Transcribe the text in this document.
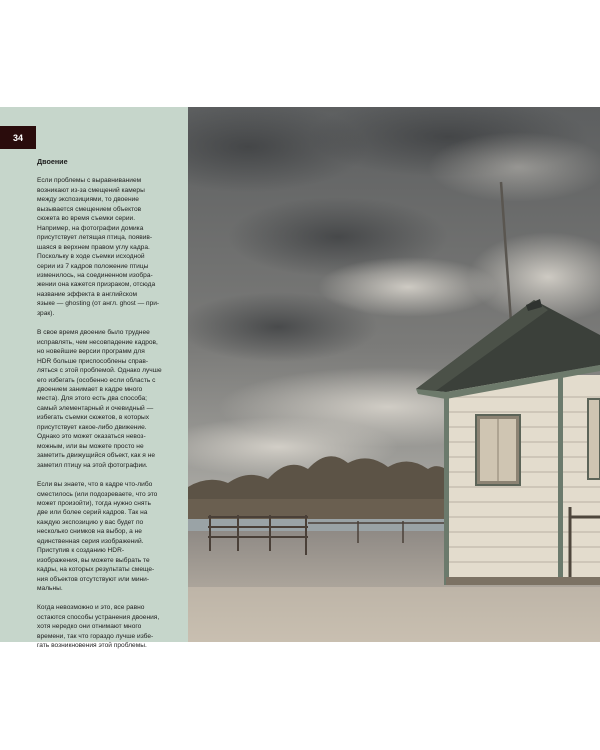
34
Двоение

Если проблемы с выравниванием
возникают из-за смещений камеры
между экспозициями, то двоение
вызывается смещением объектов
сюжета во время съемки серии.
Например, на фотографии домика
присутствует летящая птица, появив-
шаяся в верхнем правом углу кадра.
Поскольку в ходе съемки исходной
серии из 7 кадров положение птицы
изменилось, на соединенном изобра-
жении она кажется призраком, отсюда
название эффекта в английском
языке — ghosting (от англ. ghost — при-
зрак).

В свое время двоение было труднее
исправлять, чем несовпадение кадров,
но новейшие версии программ для
HDR больше приспособлены справ-
ляться с этой проблемой. Однако лучше
его избегать (особенно если область с
двоением занимает в кадре много
места). Для этого есть два способа;
самый элементарный и очевидный —
избегать съемки сюжетов, в которых
присутствует какое-либо движение.
Однако это может оказаться невоз-
можным, или вы можете просто не
заметить движущийся объект, как я не
заметил птицу на этой фотографии.

Если вы знаете, что в кадре что-либо
сместилось (или подозреваете, что это
может произойти), тогда нужно снять
две или более серий кадров. Так на
каждую экспозицию у вас будет по
несколько снимков на выбор, а не
единственная серия изображений.
Приступив к созданию HDR-
изображения, вы можете выбрать те
кадры, на которых результаты смеще-
ния объектов отсутствуют или мини-
мальны.

Когда невозможно и это, все равно
остаются способы устранения двоения,
хотя нередко они отнимают много
времени, так что гораздо лучше избе-
гать возникновения этой проблемы.
